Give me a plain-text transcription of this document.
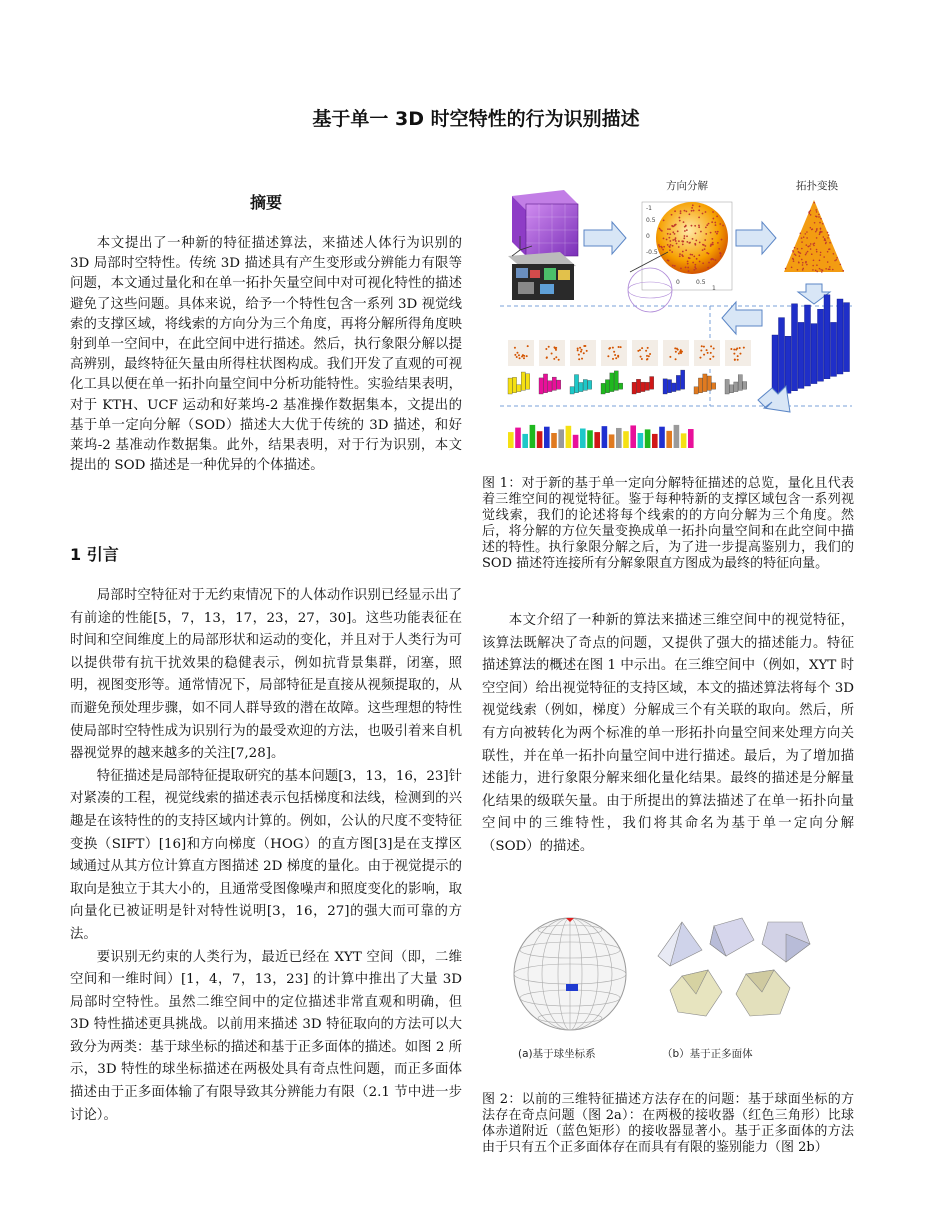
基于单一 3D 时空特性的行为识别描述
摘要
本文提出了一种新的特征描述算法，来描述人体行为识别的 3D 局部时空特性。传统 3D 描述具有产生变形或分辨能力有限等问题，本文通过量化和在单一拓扑矢量空间中对可视化特性的描述避免了这些问题。具体来说，给予一个特性包含一系列 3D 视觉线索的支撑区域，将线索的方向分为三个角度，再将分解所得角度映射到单一空间中，在此空间中进行描述。然后，执行象限分解以提高辨别，最终特征矢量由所得柱状图构成。我们开发了直观的可视化工具以便在单一拓扑向量空间中分析功能特性。实验结果表明，对于 KTH、UCF 运动和好莱坞-2 基准操作数据集本，文提出的基于单一定向分解（SOD）描述大大优于传统的 3D 描述，和好莱坞-2 基准动作数据集。此外，结果表明，对于行为识别，本文提出的 SOD 描述是一种优异的个体描述。
1 引言

局部时空特征对于无约束情况下的人体动作识别已经显示出了有前途的性能[5，7，13，17，23，27，30]。这些功能表征在时间和空间维度上的局部形状和运动的变化，并且对于人类行为可以提供带有抗干扰效果的稳健表示，例如抗背景集群，闭塞，照明，视图变形等。通常情况下，局部特征是直接从视频提取的，从而避免预处理步骤，如不同人群导致的潜在故障。这些理想的特性使局部时空特性成为识别行为的最受欢迎的方法，也吸引着来自机器视觉界的越来越多的关注[7,28]。

特征描述是局部特征提取研究的基本问题[3，13，16，23]针对紧凑的工程，视觉线索的描述表示包括梯度和法线，检测到的兴趣是在该特性的的支持区域内计算的。例如，公认的尺度不变特征变换（SIFT）[16]和方向梯度（HOG）的直方图[3]是在支撑区域通过从其方位计算直方图描述 2D 梯度的量化。由于视觉提示的取向是独立于其大小的，且通常受图像噪声和照度变化的影响，取向量化已被证明是针对特性说明[3，16，27]的强大而可靠的方法。

要识别无约束的人类行为，最近已经在 XYT 空间（即，二维空间和一维时间）[1，4，7，13，23] 的计算中推出了大量 3D 局部时空特性。虽然二维空间中的定位描述非常直观和明确，但 3D 特性描述更具挑战。以前用来描述 3D 特征取向的方法可以大致分为两类：基于球坐标的描述和基于正多面体的描述。如图 2 所示，3D 特性的球坐标描述在两极处具有奇点性问题，而正多面体描述由于正多面体输了有限导致其分辨能力有限（2.1 节中进一步讨论）。

方向分解	拓扑变换
0.5
0
-0.5
0.5
1
0
-1
图 1：对于新的基于单一定向分解特征描述的总览，量化且代表着三维空间的视觉特征。鉴于每种特新的支撑区域包含一系列视觉线索，我们的论述将每个线索的的方向分解为三个角度。然后，将分解的方位矢量变换成单一拓扑向量空间和在此空间中描述的特性。执行象限分解之后，为了进一步提高鉴别力，我们的 SOD 描述符连接所有分解象限直方图成为最终的特征向量。
本文介绍了一种新的算法来描述三维空间中的视觉特征，该算法既解决了奇点的问题，又提供了强大的描述能力。特征描述算法的概述在图 1 中示出。在三维空间中（例如，XYT 时空空间）给出视觉特征的支持区域，本文的描述算法将每个 3D 视觉线索（例如，梯度）分解成三个有关联的取向。然后，所有方向被转化为两个标准的单一形拓扑向量空间来处理方向关联性，并在单一拓扑向量空间中进行描述。最后，为了增加描述能力，进行象限分解来细化量化结果。最终的描述是分解量化结果的级联矢量。由于所提出的算法描述了在单一拓扑向量空间中的三维特性，我们将其命名为基于单一定向分解（SOD）的描述。
(a)基于球坐标系	（b）基于正多面体
图 2：以前的三维特征描述方法存在的问题：基于球面坐标的方法存在奇点问题（图 2a）：在两极的接收器（红色三角形）比球体赤道附近（蓝色矩形）的接收器显著小。基于正多面体的方法由于只有五个正多面体存在而具有有限的鉴别能力（图 2b）
